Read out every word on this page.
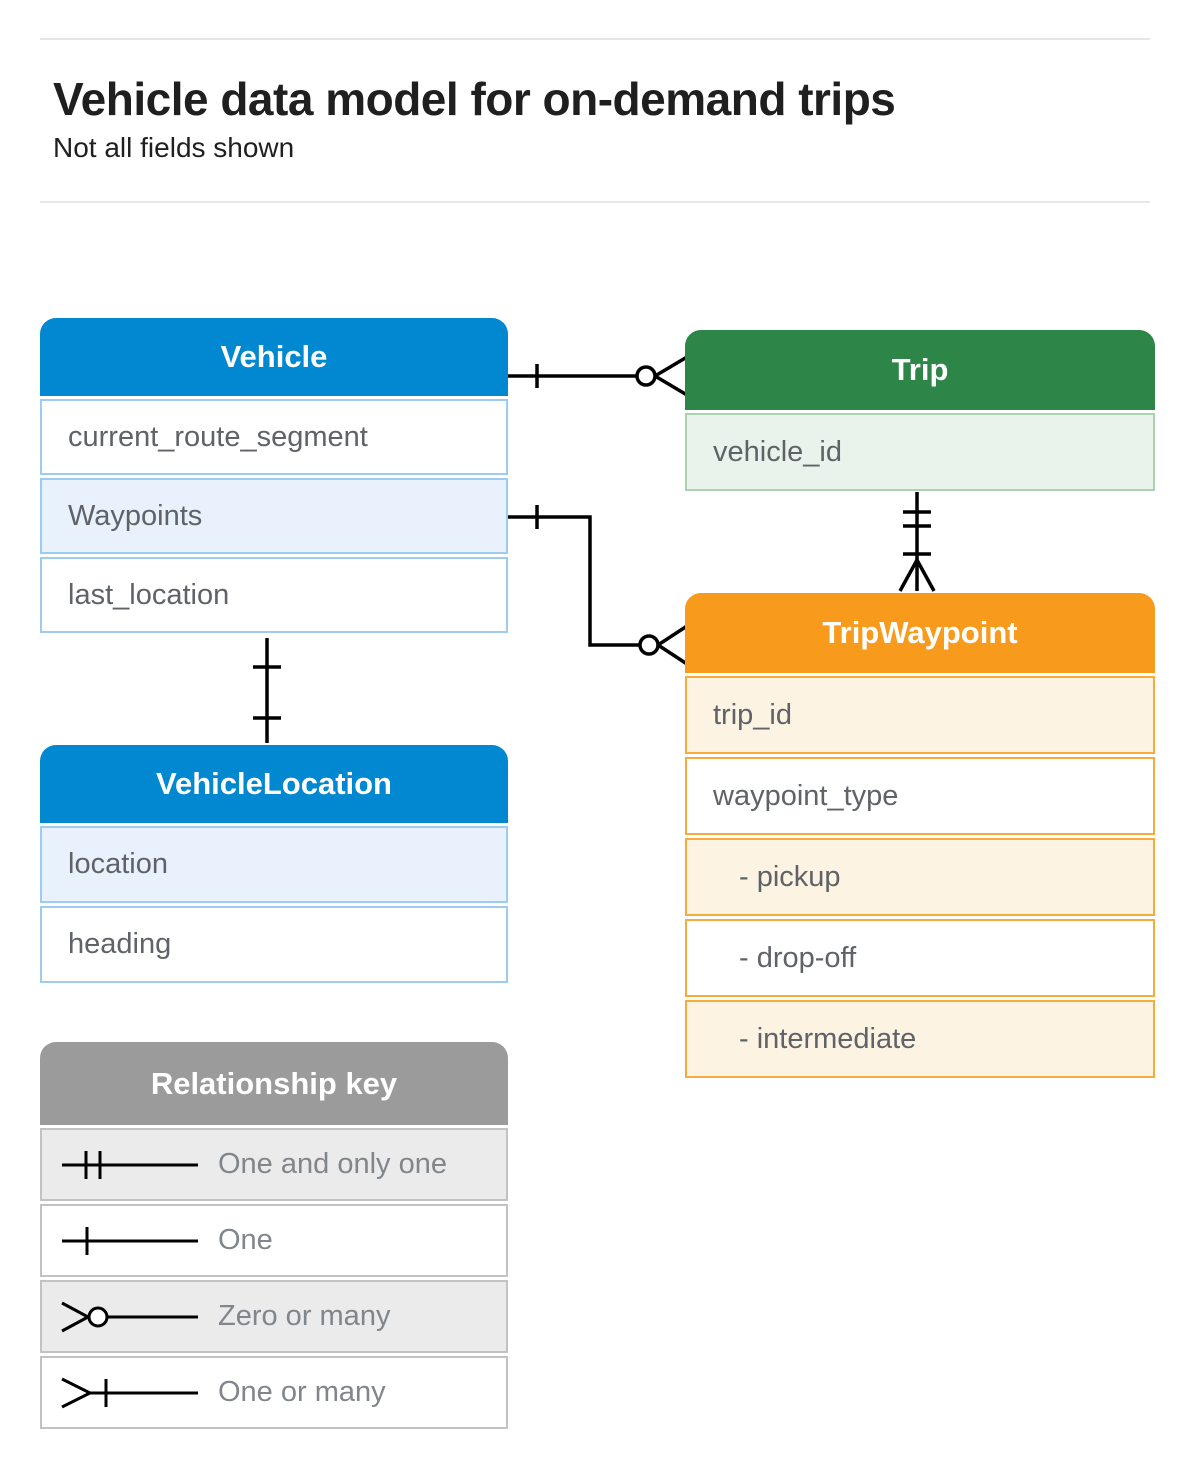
Vehicle data model for on-demand trips
Not all fields shown
Vehicle
current_route_segment
Waypoints
last_location
Trip
vehicle_id
TripWaypoint
trip_id
waypoint_type
- pickup
- drop-off
- intermediate
VehicleLocation
location
heading
Relationship key
One and only one
One
Zero or many
One or many
